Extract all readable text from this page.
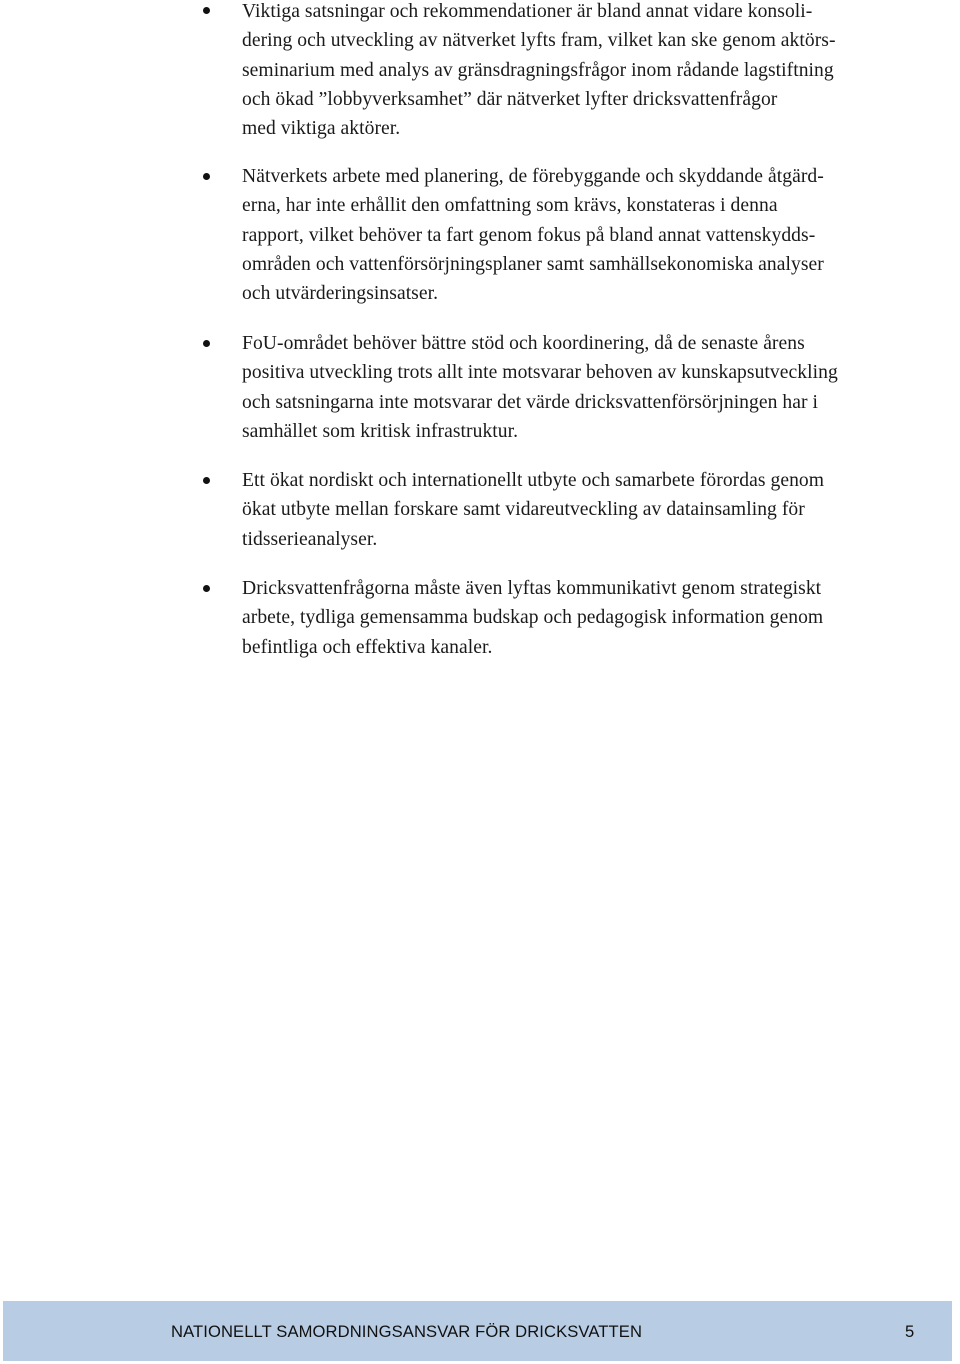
Viktiga satsningar och rekommendationer är bland annat vidare konsoli-
dering och utveckling av nätverket lyfts fram, vilket kan ske genom aktörs-
seminarium med analys av gränsdragningsfrågor inom rådande lagstiftning
och ökad ”lobbyverksamhet” där nätverket lyfter dricksvattenfrågor
med viktiga aktörer.
Nätverkets arbete med planering, de förebyggande och skyddande åtgärd-
erna, har inte erhållit den omfattning som krävs, konstateras i denna
rapport, vilket behöver ta fart genom fokus på bland annat vattenskydds-
områden och vattenförsörjningsplaner samt samhällsekonomiska analyser
och utvärderingsinsatser.
FoU-området behöver bättre stöd och koordinering, då de senaste årens
positiva utveckling trots allt inte motsvarar behoven av kunskapsutveckling
och satsningarna inte motsvarar det värde dricksvattenförsörjningen har i
samhället som kritisk infrastruktur.
Ett ökat nordiskt och internationellt utbyte och samarbete förordas genom
ökat utbyte mellan forskare samt vidareutveckling av datainsamling för
tidsserieanalyser.
Dricksvattenfrågorna måste även lyftas kommunikativt genom strategiskt
arbete, tydliga gemensamma budskap och pedagogisk information genom
befintliga och effektiva kanaler.
NATIONELLT SAMORDNINGSANSVAR FÖR DRICKSVATTEN	5
